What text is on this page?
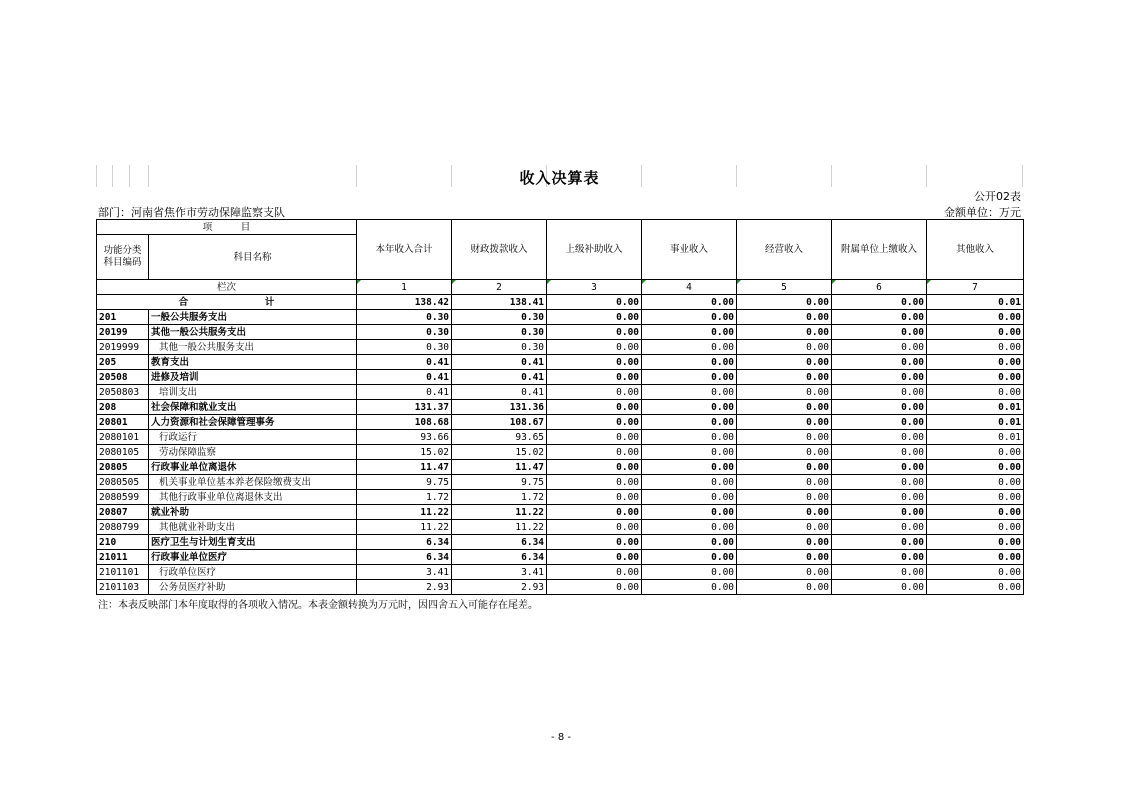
收入决算表
公开02表
部门：河南省焦作市劳动保障监察支队	金额单位：万元
项　　　目		本年收入合计	财政拨款收入	上级补助收入	事业收入	经营收入	附属单位上缴收入	其他收入

功能分类
科目编码	科目名称							
栏次		1	2	3	4	5	6	7
合 计		138.42	138.41	0.00	0.00	0.00	0.00	0.01
201	一般公共服务支出	0.30	0.30	0.00	0.00	0.00	0.00	0.00
20199	其他一般公共服务支出	0.30	0.30	0.00	0.00	0.00	0.00	0.00
2019999	其他一般公共服务支出	0.30	0.30	0.00	0.00	0.00	0.00	0.00
205	教育支出	0.41	0.41	0.00	0.00	0.00	0.00	0.00
20508	进修及培训	0.41	0.41	0.00	0.00	0.00	0.00	0.00
2050803	培训支出	0.41	0.41	0.00	0.00	0.00	0.00	0.00
208	社会保障和就业支出	131.37	131.36	0.00	0.00	0.00	0.00	0.01
20801	人力资源和社会保障管理事务	108.68	108.67	0.00	0.00	0.00	0.00	0.01
2080101	行政运行	93.66	93.65	0.00	0.00	0.00	0.00	0.01
2080105	劳动保障监察	15.02	15.02	0.00	0.00	0.00	0.00	0.00
20805	行政事业单位离退休	11.47	11.47	0.00	0.00	0.00	0.00	0.00
2080505	机关事业单位基本养老保险缴费支出	9.75	9.75	0.00	0.00	0.00	0.00	0.00
2080599	其他行政事业单位离退休支出	1.72	1.72	0.00	0.00	0.00	0.00	0.00
20807	就业补助	11.22	11.22	0.00	0.00	0.00	0.00	0.00
2080799	其他就业补助支出	11.22	11.22	0.00	0.00	0.00	0.00	0.00
210	医疗卫生与计划生育支出	6.34	6.34	0.00	0.00	0.00	0.00	0.00
21011	行政事业单位医疗	6.34	6.34	0.00	0.00	0.00	0.00	0.00
2101101	行政单位医疗	3.41	3.41	0.00	0.00	0.00	0.00	0.00
2101103	公务员医疗补助	2.93	2.93	0.00	0.00	0.00	0.00	0.00
注：本表反映部门本年度取得的各项收入情况。本表金额转换为万元时，因四舍五入可能存在尾差。
- 8 -
